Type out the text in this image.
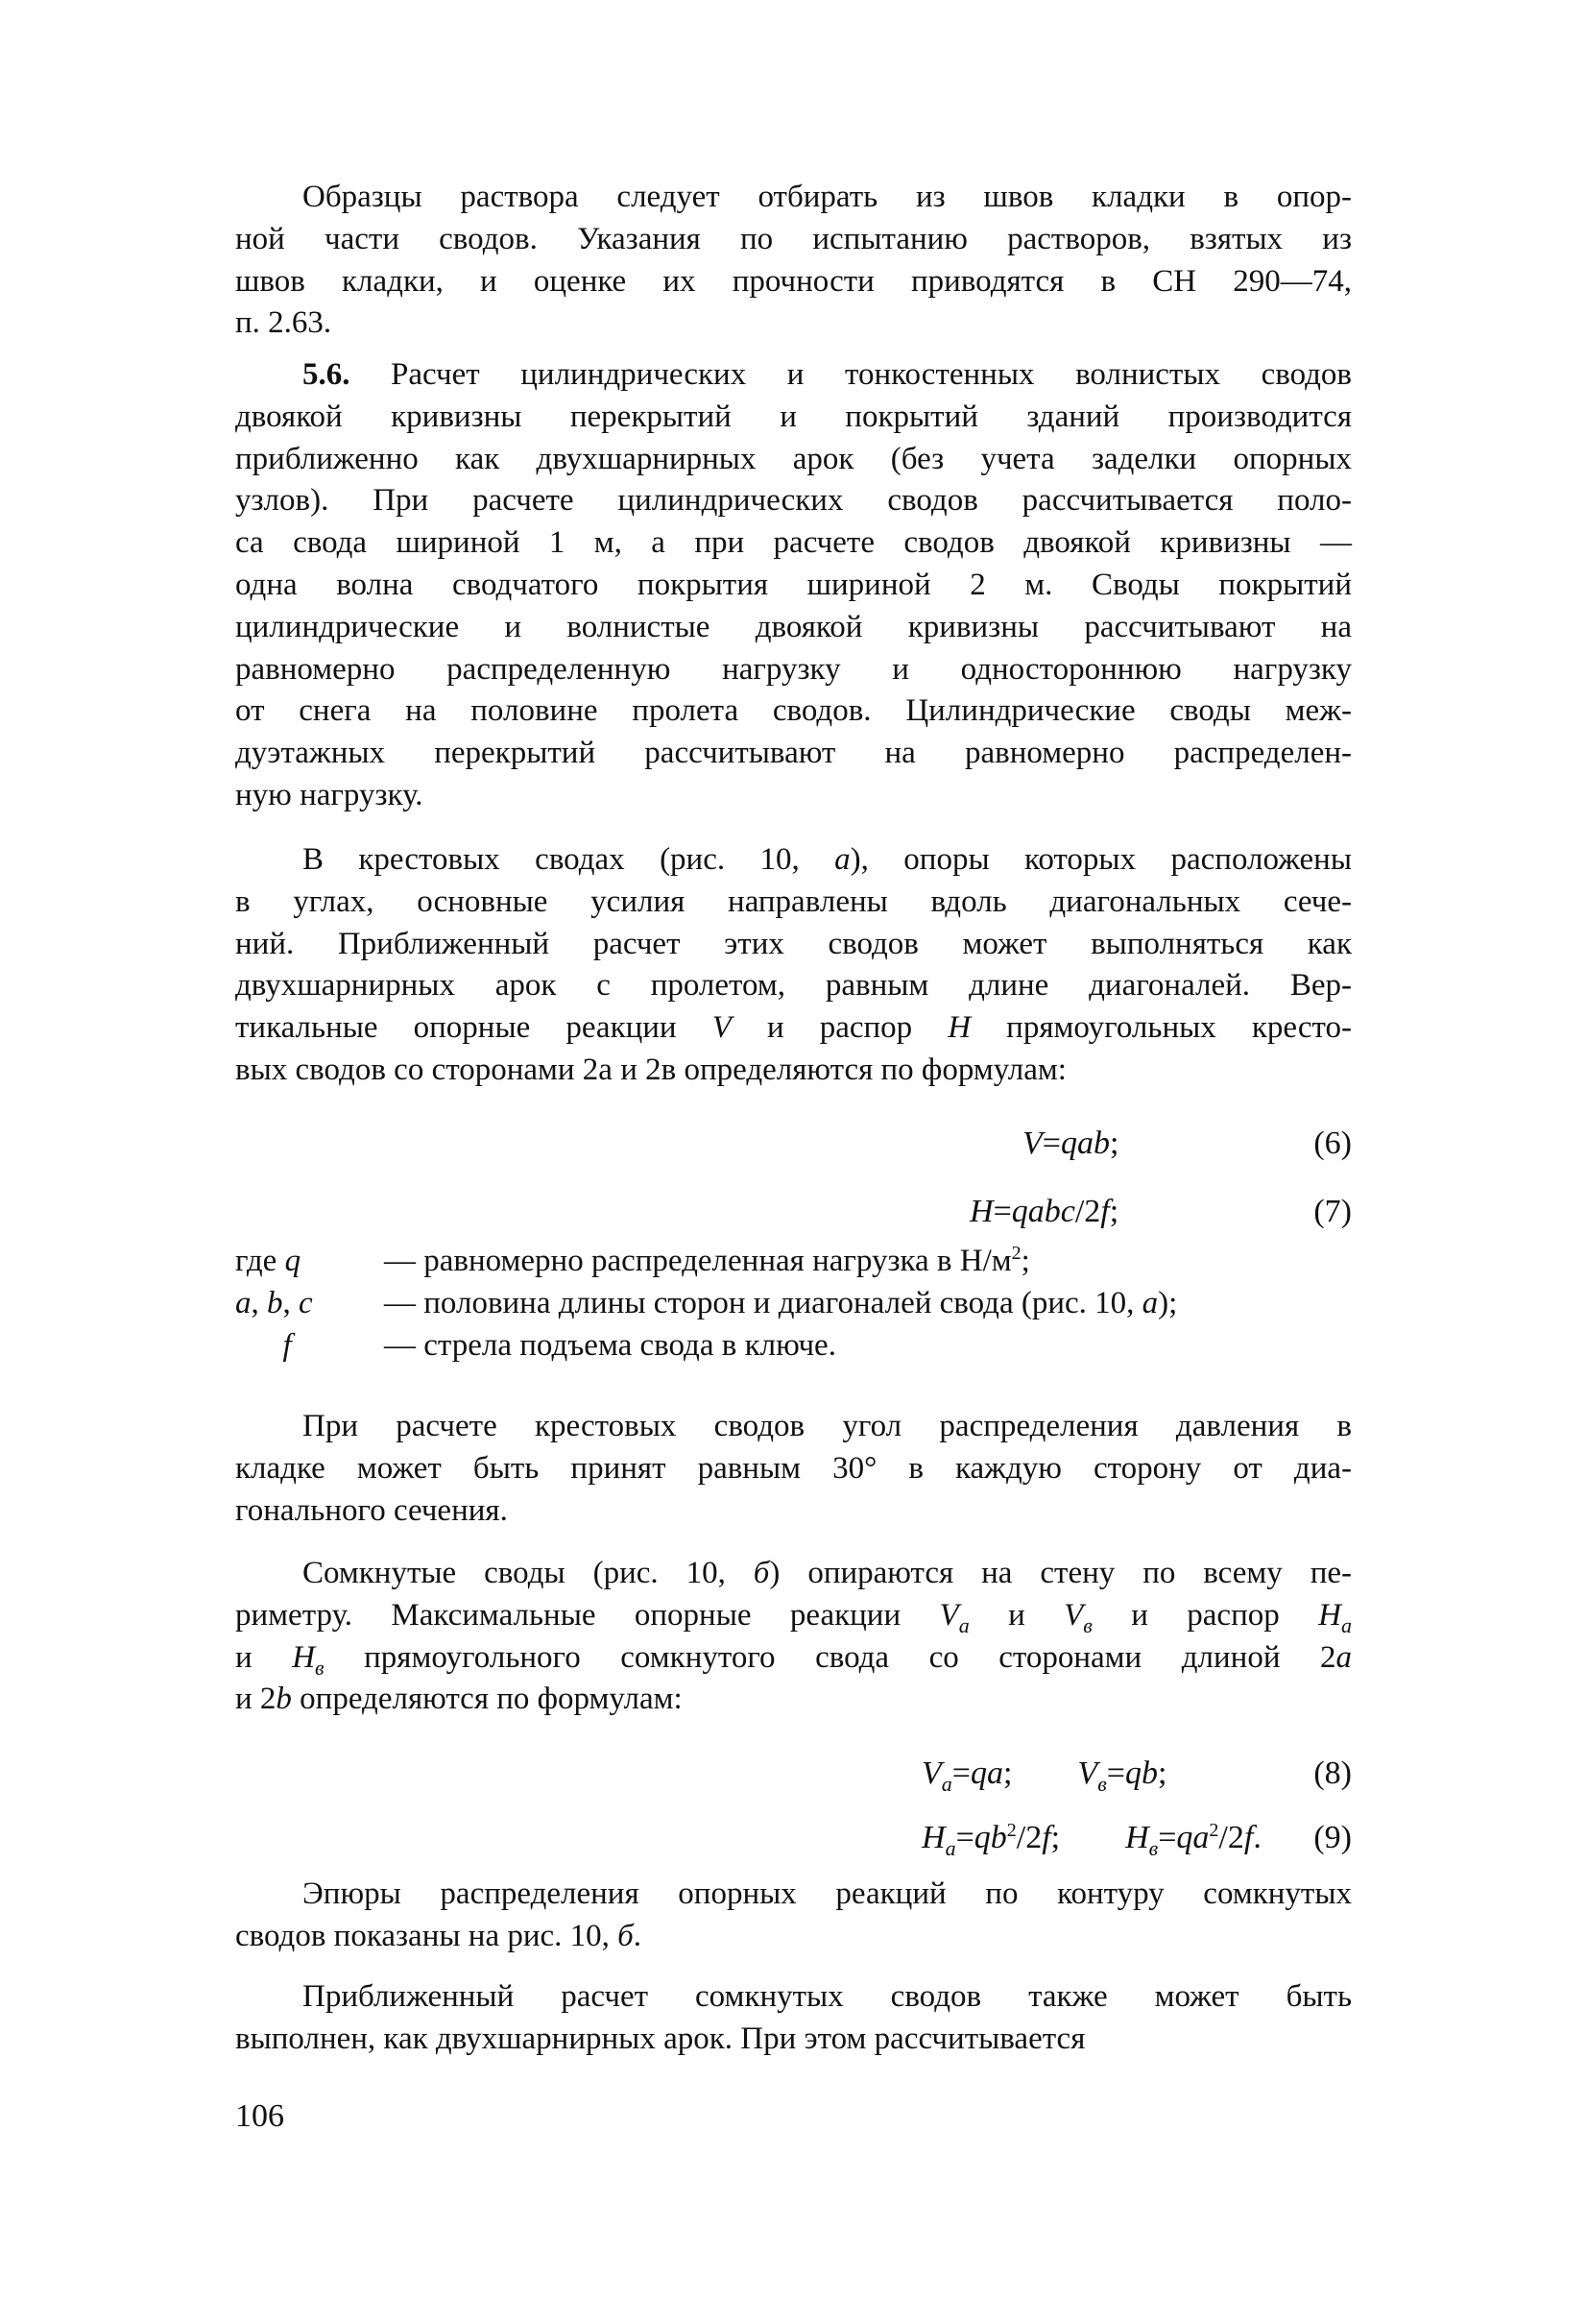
Образцы раствора следует отбирать из швов кладки в опор-
ной части сводов. Указания по испытанию растворов, взятых из
швов кладки, и оценке их прочности приводятся в СН 290—74,
п. 2.63.
5.6. Расчет цилиндрических и тонкостенных волнистых сводов
двоякой кривизны перекрытий и покрытий зданий производится
приближенно как двухшарнирных арок (без учета заделки опорных
узлов). При расчете цилиндрических сводов рассчитывается поло-
са свода шириной 1 м, а при расчете сводов двоякой кривизны —
одна волна сводчатого покрытия шириной 2 м. Своды покрытий
цилиндрические и волнистые двоякой кривизны рассчитывают на
равномерно распределенную нагрузку и одностороннюю нагрузку
от снега на половине пролета сводов. Цилиндрические своды меж-
дуэтажных перекрытий рассчитывают на равномерно распределен-
ную нагрузку.
В крестовых сводах (рис. 10, а), опоры которых расположены
в углах, основные усилия направлены вдоль диагональных сече-
ний. Приближенный расчет этих сводов может выполняться как
двухшарнирных арок с пролетом, равным длине диагоналей. Вер-
тикальные опорные реакции V и распор H прямоугольных кресто-
вых сводов со сторонами 2а и 2в определяются по формулам:
V=qab;	(6)
H=qabc/2f;	(7)
где q	— равномерно распределенная нагрузка в $Н/м^2$;
a, b, c — половина длины сторон и диагоналей свода (рис. 10, а);
  f	— стрела подъема свода в ключе.
При расчете крестовых сводов угол распределения давления в
кладке может быть принят равным 30° в каждую сторону от диа-
гонального сечения.
Сомкнутые своды (рис. 10, б) опираются на стену по всему пе-
риметру. Максимальные опорные реакции $V_a$ и $V_в$ и распор $H_a$
и $H_в$ прямоугольного сомкнутого свода со сторонами длиной 2a
и 2b определяются по формулам:
$V_a=qa$;  $V_в=qb$;	(8)
$H_a=qb^2/2f$;  $H_в=qa^2/2f$. (9)
Эпюры распределения опорных реакций по контуру сомкнутых
сводов показаны на рис. 10, б.
Приближенный расчет сомкнутых сводов также может быть
выполнен, как двухшарнирных арок. При этом рассчитывается
106
